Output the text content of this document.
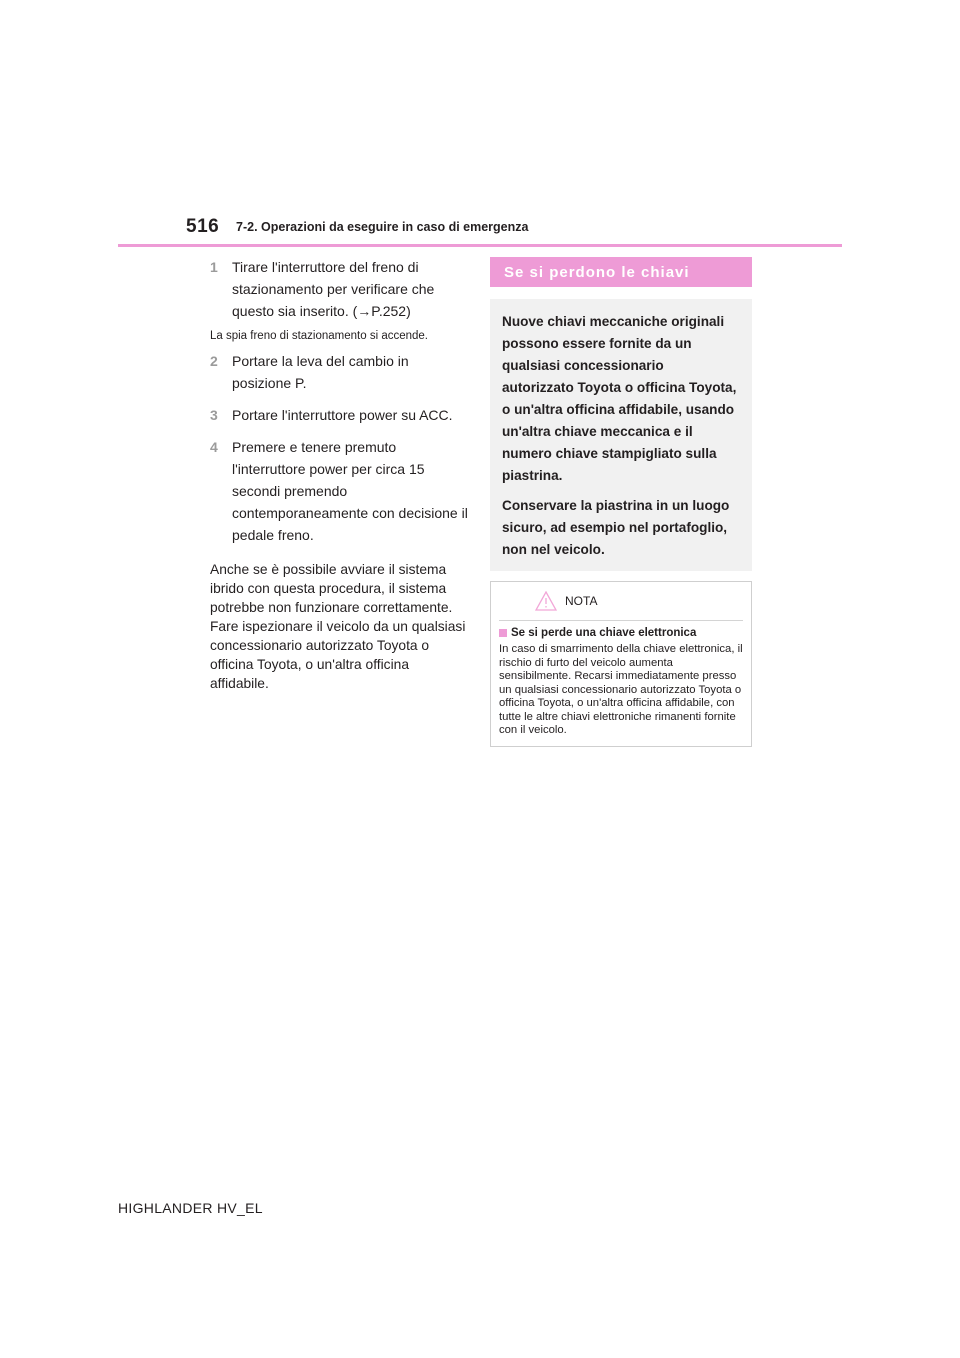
516 7-2. Operazioni da eseguire in caso di emergenza
1	Tirare l'interruttore del freno di stazionamento per verificare che questo sia inserito. (→P.252)
La spia freno di stazionamento si accende.
2	Portare la leva del cambio in posizione P.
3	Portare l'interruttore power su ACC.
4	Premere e tenere premuto l'interruttore power per circa 15 secondi premendo contemporaneamente con decisione il pedale freno.
Anche se è possibile avviare il sistema ibrido con questa procedura, il sistema potrebbe non funzionare correttamente. Fare ispezionare il veicolo da un qualsiasi concessionario autorizzato Toyota o officina Toyota, o un'altra officina affidabile.
Se si perdono le chiavi

Nuove chiavi meccaniche originali possono essere fornite da un qualsiasi concessionario autorizzato Toyota o officina Toyota, o un'altra officina affidabile, usando un'altra chiave meccanica e il numero chiave stampigliato sulla piastrina.

Conservare la piastrina in un luogo sicuro, ad esempio nel portafoglio, non nel veicolo.

NOTA
Se si perde una chiave elettronica
In caso di smarrimento della chiave elettronica, il rischio di furto del veicolo aumenta sensibilmente. Recarsi immediatamente presso un qualsiasi concessionario autorizzato Toyota o officina Toyota, o un'altra officina affidabile, con tutte le altre chiavi elettroniche rimanenti fornite con il veicolo.
HIGHLANDER HV_EL
